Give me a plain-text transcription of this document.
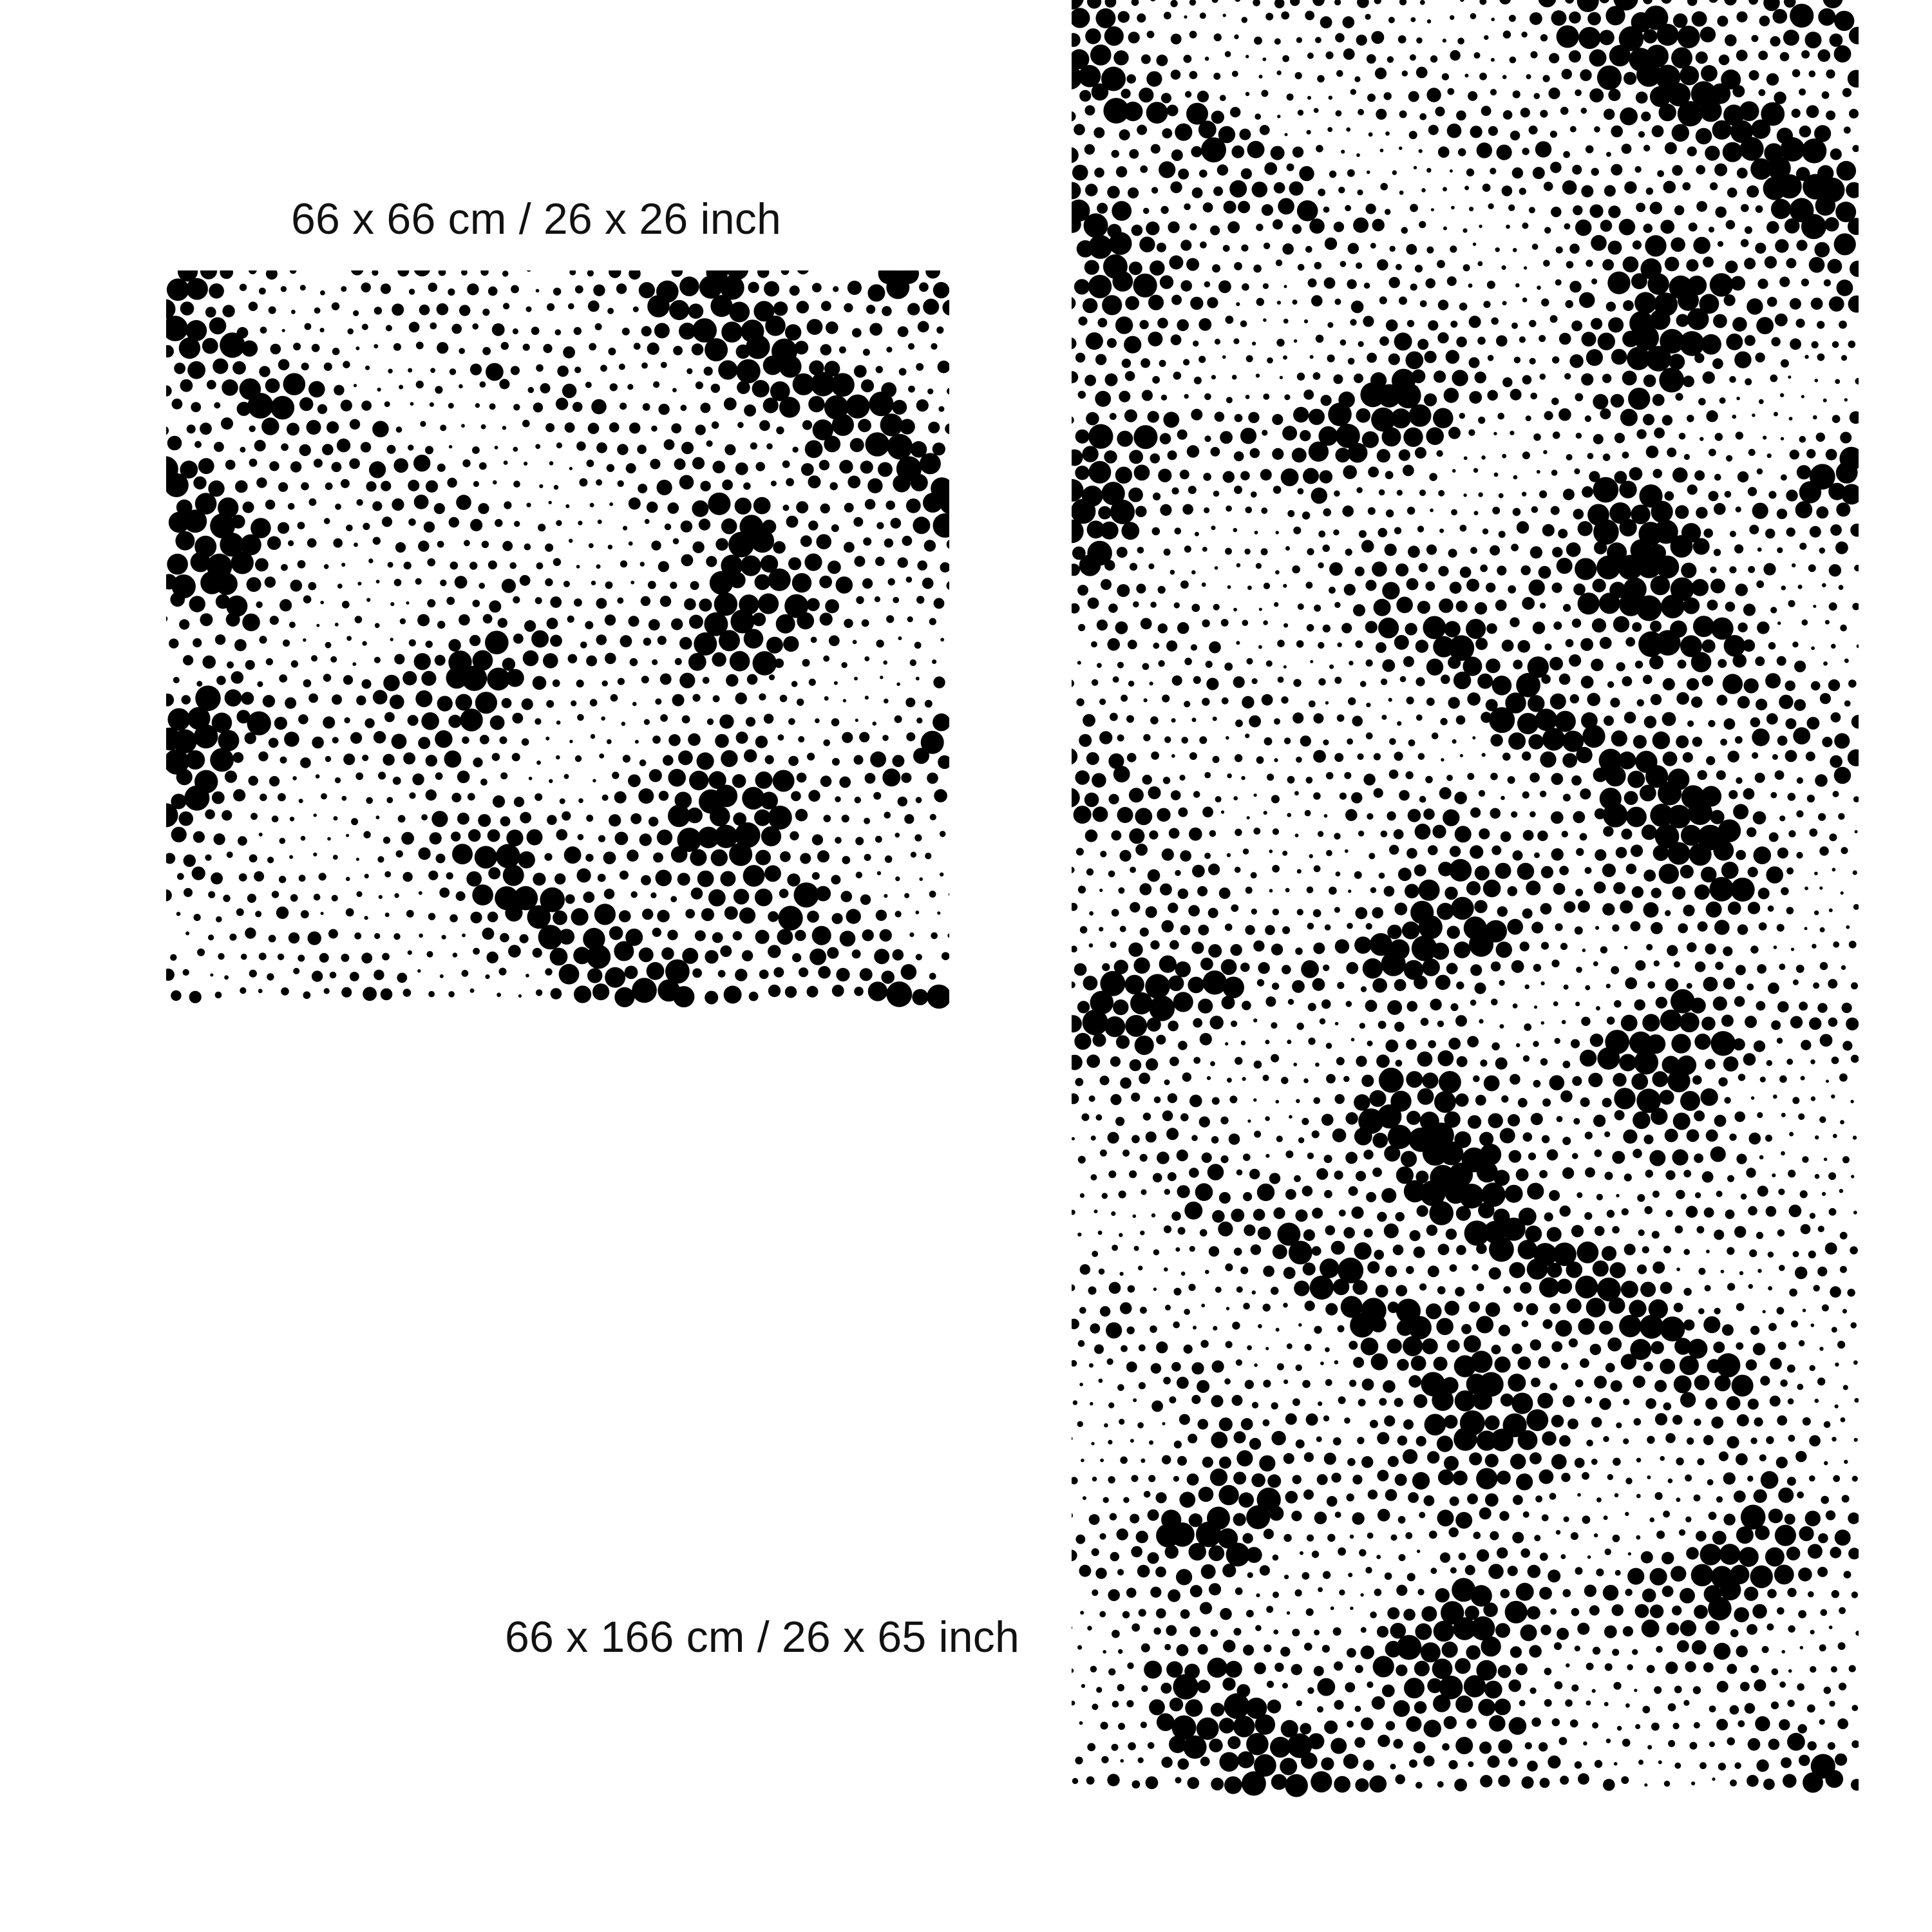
66 x 66 cm / 26 x 26 inch
66 x 166 cm / 26 x 65 inch
